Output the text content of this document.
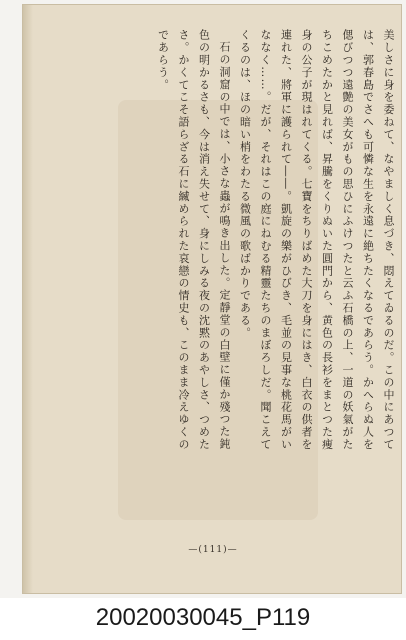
美しさに身を委ねて、なやましく息づき、悶えてゐるのだ。この中にあつて
は、郭春島でさへも可憐な生を永遠に絶ちたくなるであらう。かへらぬ人を
偲びつつ遠艶の美女がもの思ひにふけつたと云ふ石橋の上、一道の妖氣がた
ちこめたかと見れば、昇騰をくりぬいた圓門から、黄色の長衫をまとつた痩
身の公子が現はれてくる。七寶をちりばめた大刀を身にはき、白衣の供者を
連れた、將軍に護られて――。凱旋の樂がひびき、毛並の見事な桃花馬がい
ななく……。だが、それはこの庭にねむる精靈たちのまぼろしだ。聞こえて
くるのは、ほの暗い梢をわたる微風の歌ばかりである。
石の洞窟の中では、小さな蟲が鳴き出した。定靜堂の白壁に僅か殘つた鈍
色の明かるさも、今は消え失せて、身にしみる夜の沈黙のあやしさ、つめた
さ。かくてこそ語らざる石に縅められた哀戀の情史も、このまま冷えゆくの
であらう。
—(111)—
20020030045_P119
